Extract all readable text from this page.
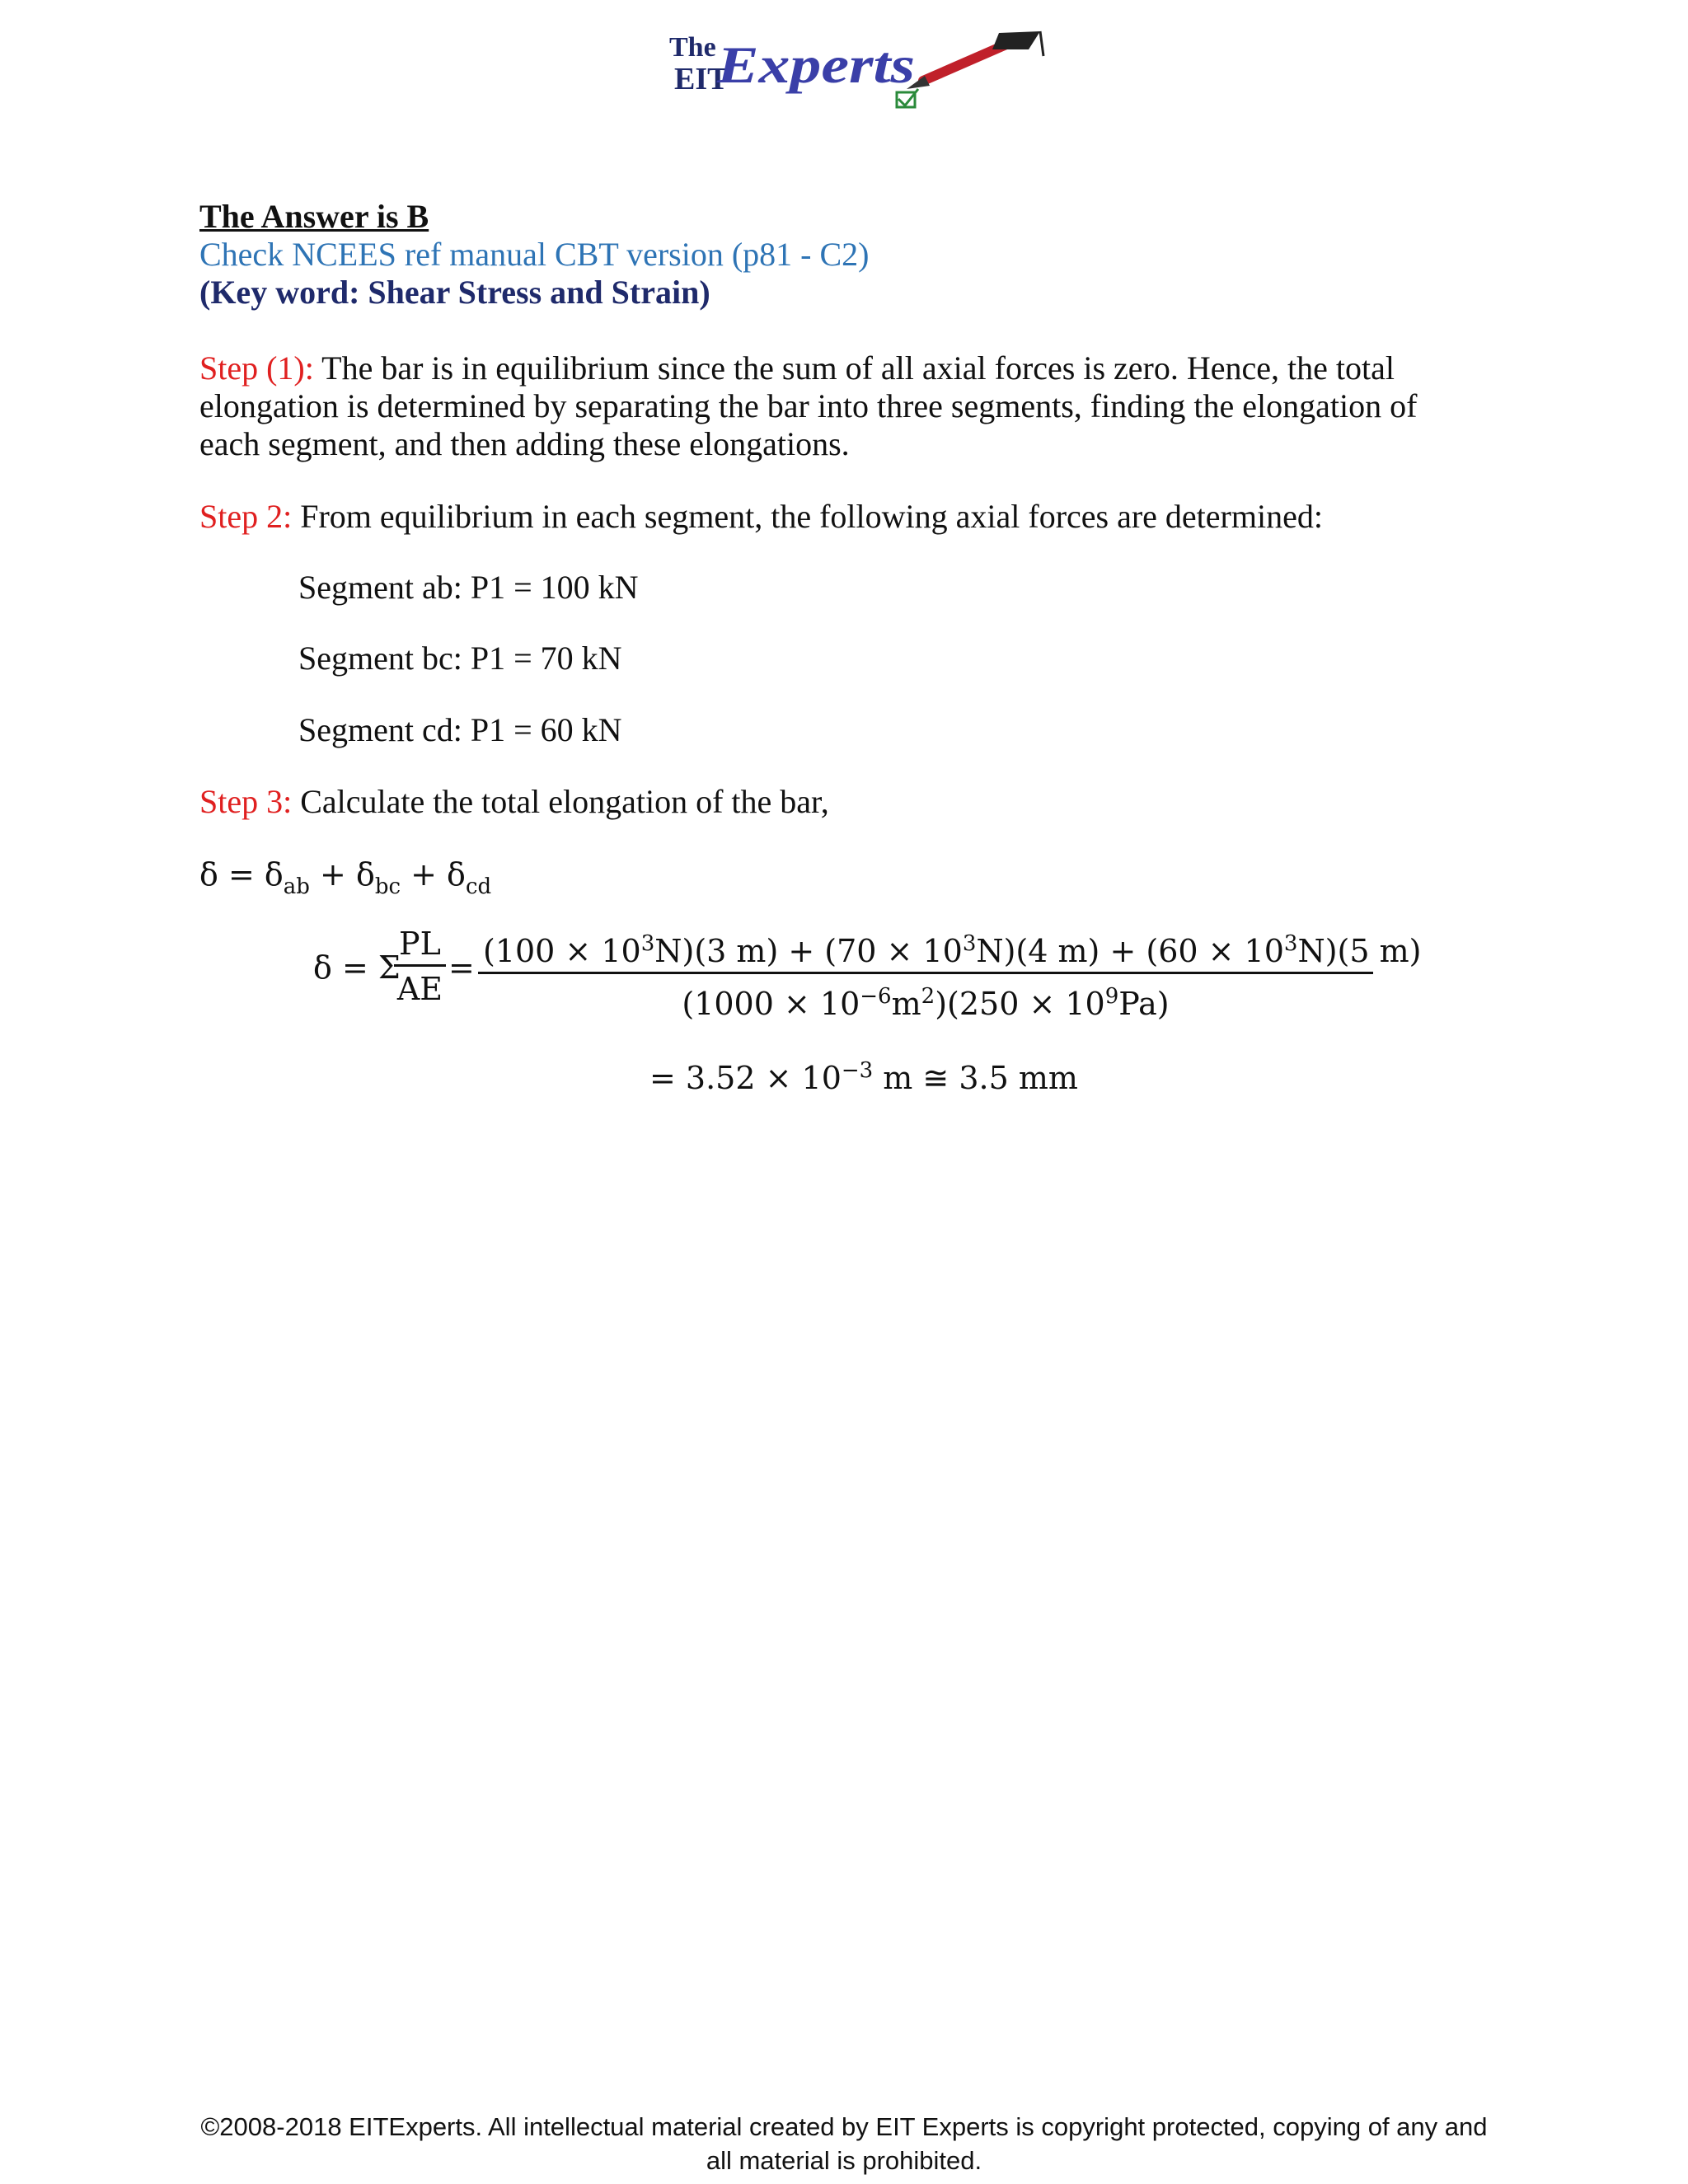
The
EIT
Experts
The Answer is B
Check NCEES ref manual CBT version (p81 - C2)
(Key word: Shear Stress and Strain)
Step (1): The bar is in equilibrium since the sum of all axial forces is zero. Hence, the total elongation is determined by separating the bar into three segments, finding the elongation of each segment, and then adding these elongations.
Step 2: From equilibrium in each segment, the following axial forces are determined:
Segment ab: P1 = 100 kN
Segment bc: P1 = 70 kN
Segment cd: P1 = 60 kN
Step 3: Calculate the total elongation of the bar,
$\delta = \delta_{ab} + \delta_{bc} + \delta_{cd}$
δ = Σ
$\frac{PL}{AE} = \frac{(100 \times 10^3N)(3 m) + (70 \times 10^3N)(4 m) + (60 \times 10^3N)(5 m)}{(1000 \times 10^{-6}m^2)(250 \times 10^9Pa)}$
= $3.52 \times 10^{-3}$ m ≅ 3.5 mm
©2008-2018 EITExperts. All intellectual material created by EIT Experts is copyright protected, copying of any and
all material is prohibited.
